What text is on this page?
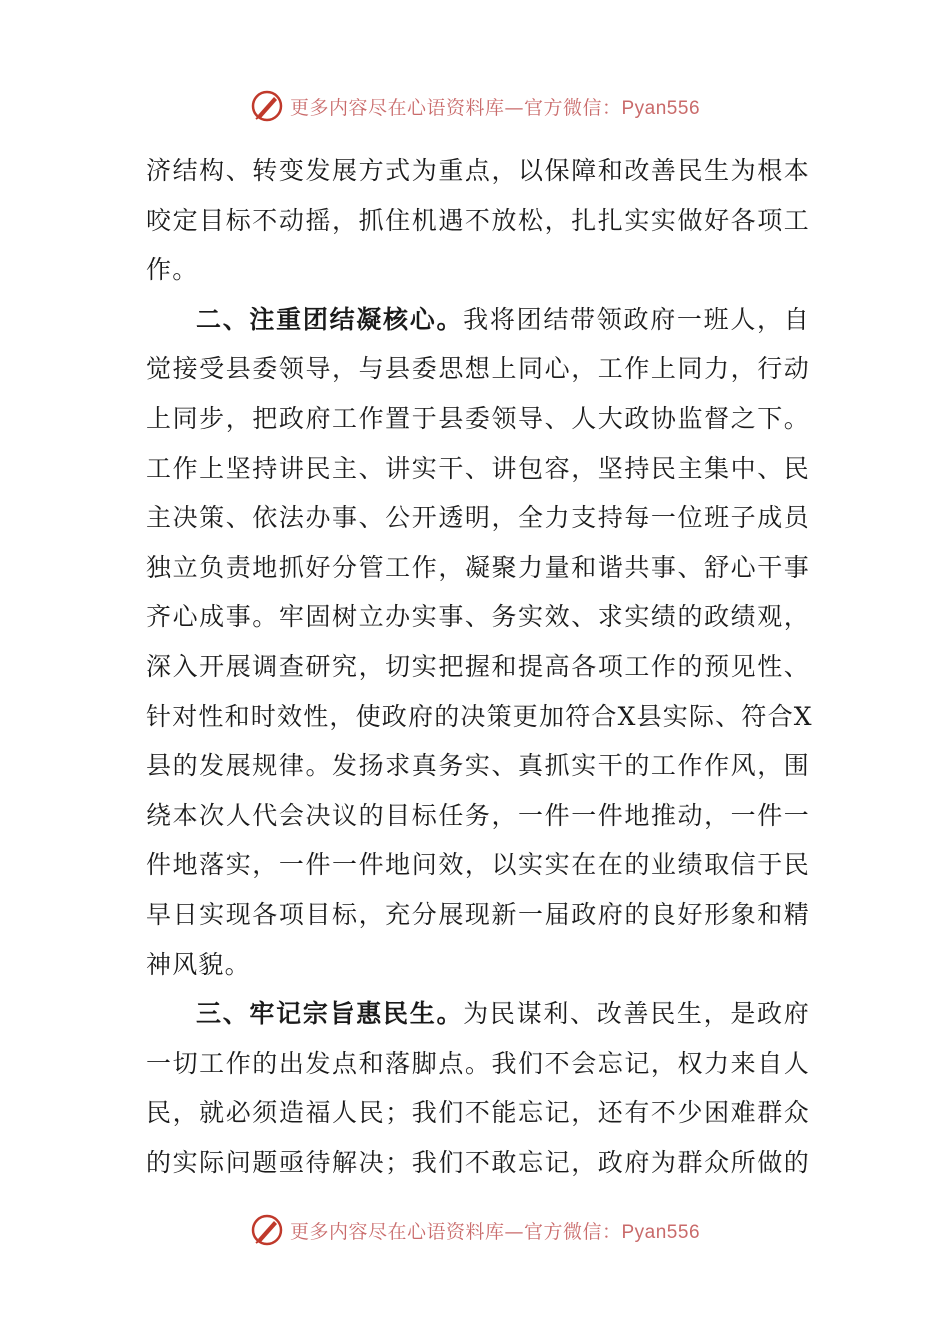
更多内容尽在心语资料库—官方微信：Pyan556
济结构、转变发展方式为重点，以保障和改善民生为根本
咬定目标不动摇，抓住机遇不放松，扎扎实实做好各项工
作。
二、注重团结凝核心。我将团结带领政府一班人，自
觉接受县委领导，与县委思想上同心，工作上同力，行动
上同步，把政府工作置于县委领导、人大政协监督之下。
工作上坚持讲民主、讲实干、讲包容，坚持民主集中、民
主决策、依法办事、公开透明，全力支持每一位班子成员
独立负责地抓好分管工作，凝聚力量和谐共事、舒心干事
齐心成事。牢固树立办实事、务实效、求实绩的政绩观，
深入开展调查研究，切实把握和提高各项工作的预见性、
针对性和时效性，使政府的决策更加符合X县实际、符合X
县的发展规律。发扬求真务实、真抓实干的工作作风，围
绕本次人代会决议的目标任务，一件一件地推动，一件一
件地落实，一件一件地问效，以实实在在的业绩取信于民
早日实现各项目标，充分展现新一届政府的良好形象和精
神风貌。
三、牢记宗旨惠民生。为民谋利、改善民生，是政府
一切工作的出发点和落脚点。我们不会忘记，权力来自人
民，就必须造福人民；我们不能忘记，还有不少困难群众
的实际问题亟待解决；我们不敢忘记，政府为群众所做的
更多内容尽在心语资料库—官方微信：Pyan556
